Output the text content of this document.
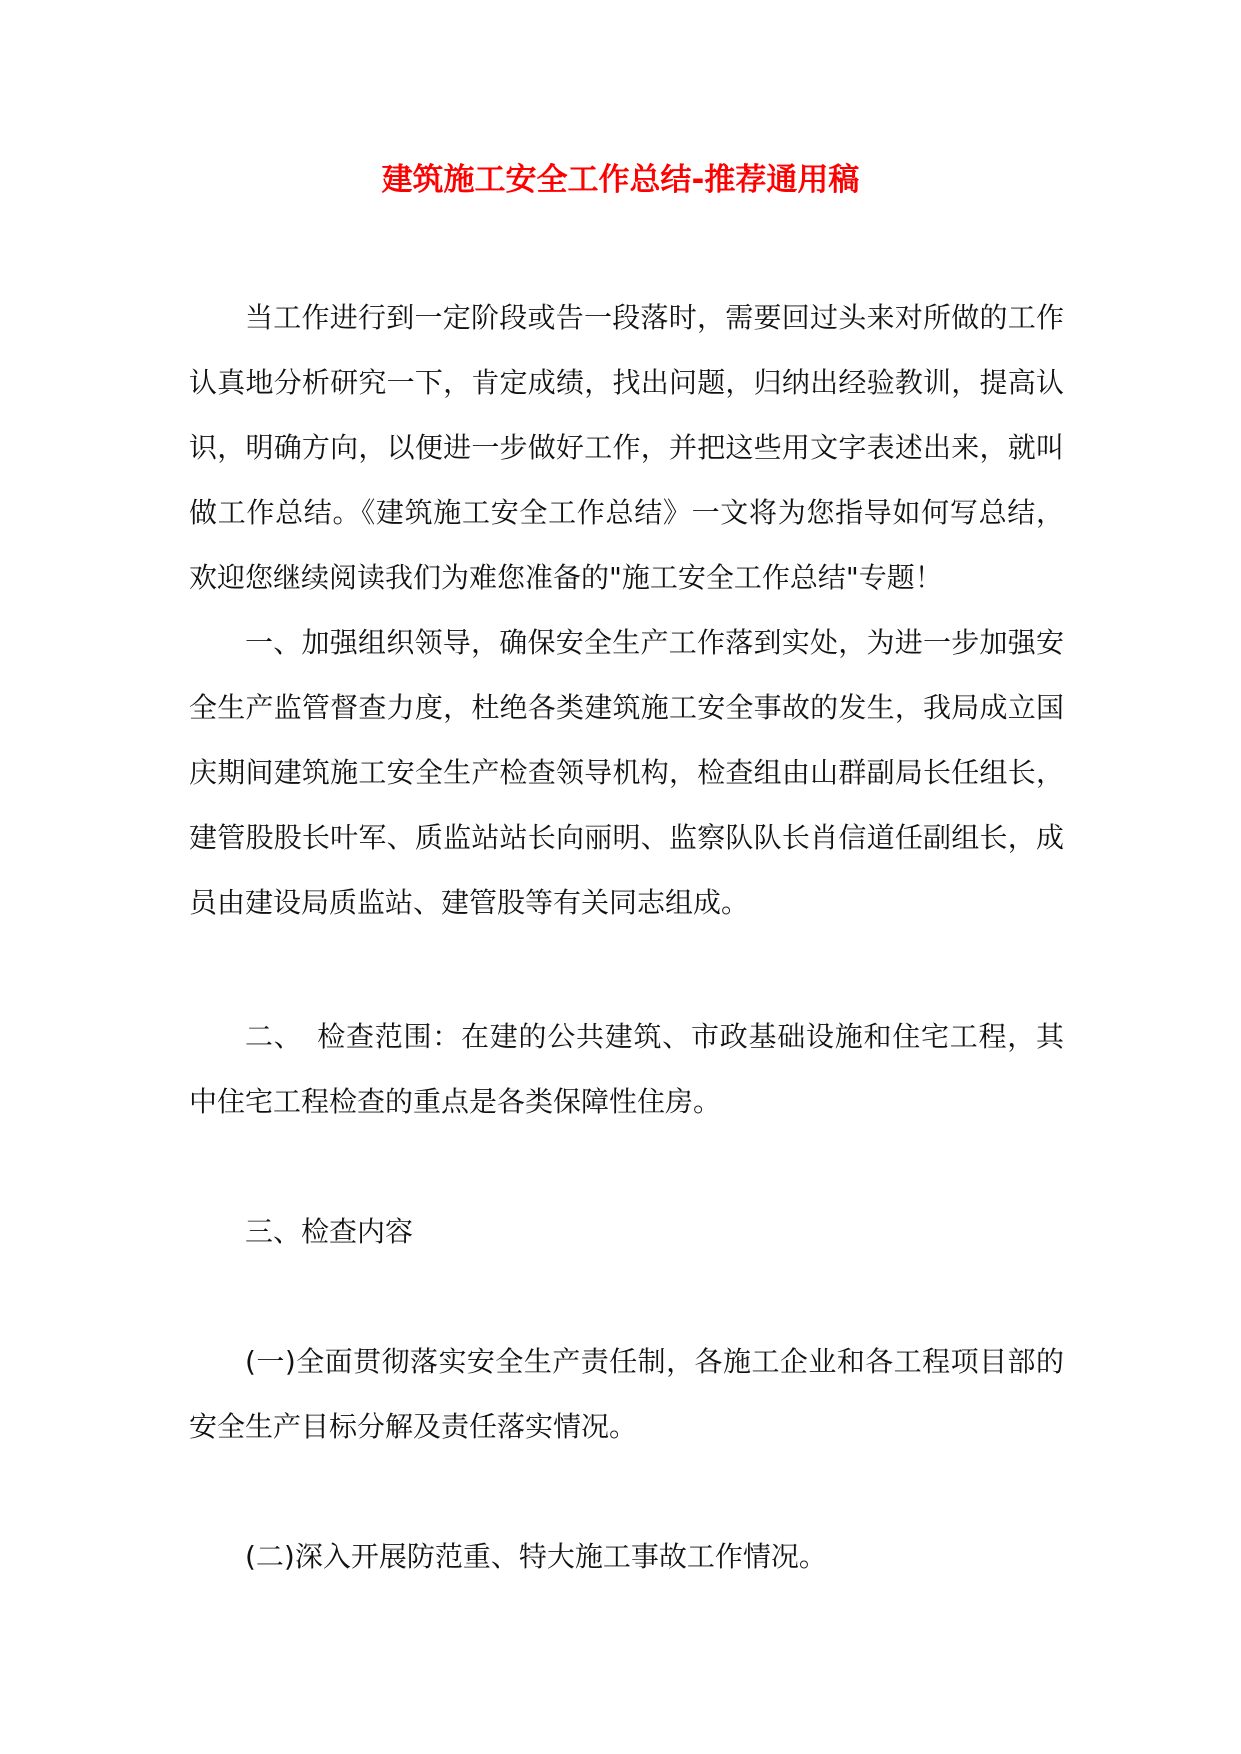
建筑施工安全工作总结-推荐通用稿

当工作进行到一定阶段或告一段落时，需要回过头来对所做的工作认真地分析研究一下，肯定成绩，找出问题，归纳出经验教训，提高认识，明确方向，以便进一步做好工作，并把这些用文字表述出来，就叫做工作总结。《建筑施工安全工作总结》一文将为您指导如何写总结，欢迎您继续阅读我们为难您准备的"施工安全工作总结"专题！

一、加强组织领导，确保安全生产工作落到实处，为进一步加强安全生产监管督查力度，杜绝各类建筑施工安全事故的发生，我局成立国庆期间建筑施工安全生产检查领导机构，检查组由山群副局长任组长，建管股股长叶军、质监站站长向丽明、监察队队长肖信道任副组长，成员由建设局质监站、建管股等有关同志组成。

二、　检查范围：在建的公共建筑、市政基础设施和住宅工程，其中住宅工程检查的重点是各类保障性住房。

三、检查内容

(一)全面贯彻落实安全生产责任制，各施工企业和各工程项目部的安全生产目标分解及责任落实情况。

(二)深入开展防范重、特大施工事故工作情况。
